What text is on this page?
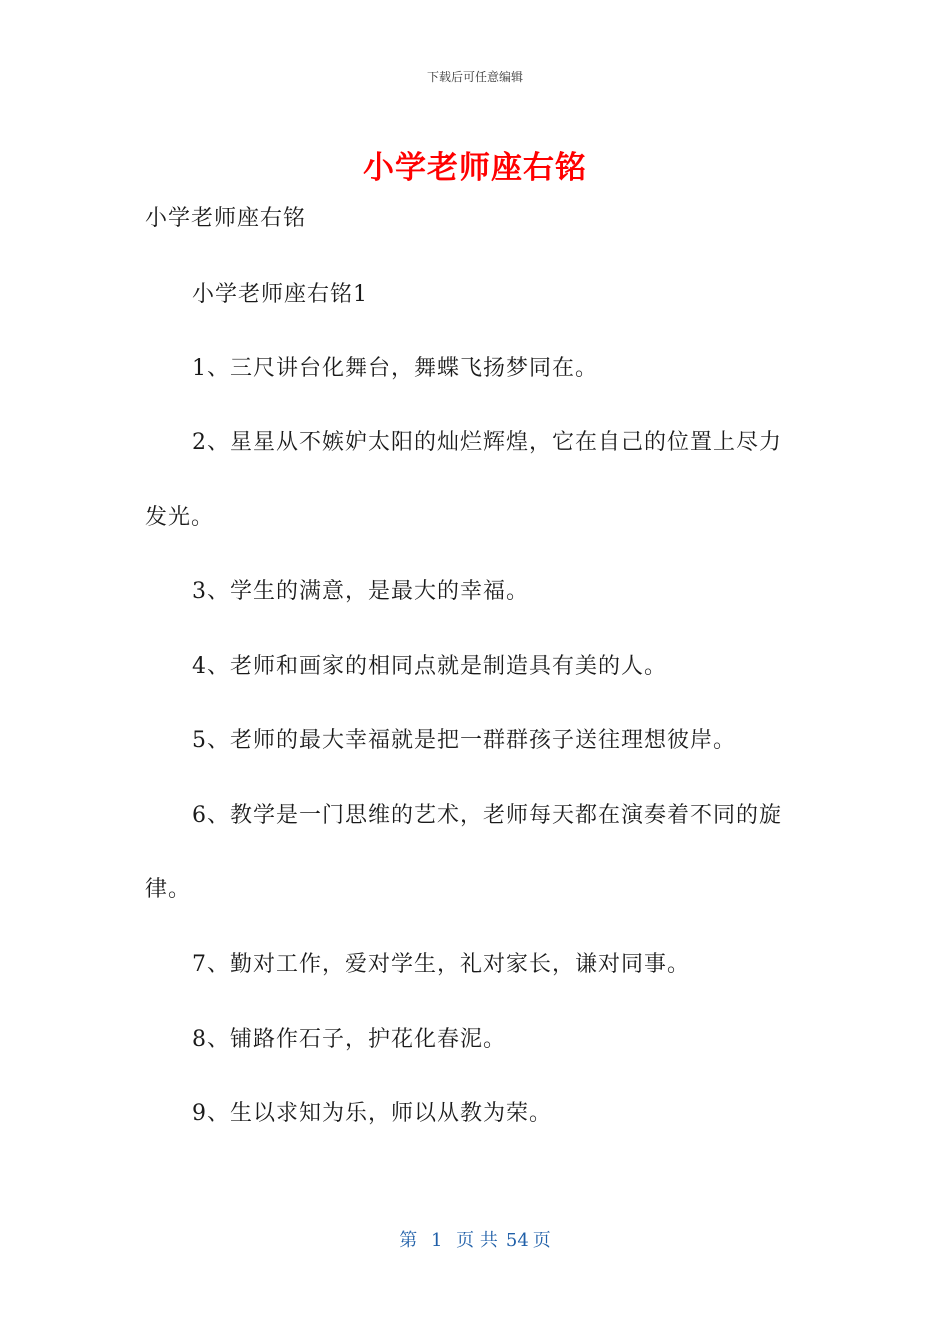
下载后可任意编辑
小学老师座右铭
小学老师座右铭
小学老师座右铭1
1、三尺讲台化舞台，舞蝶飞扬梦同在。
2、星星从不嫉妒太阳的灿烂辉煌，它在自己的位置上尽力
发光。
3、学生的满意，是最大的幸福。
4、老师和画家的相同点就是制造具有美的人。
5、老师的最大幸福就是把一群群孩子送往理想彼岸。
6、教学是一门思维的艺术，老师每天都在演奏着不同的旋
律。
7、勤对工作，爱对学生，礼对家长，谦对同事。
8、铺路作石子，护花化春泥。
9、生以求知为乐，师以从教为荣。
第 1 页 共 54 页
